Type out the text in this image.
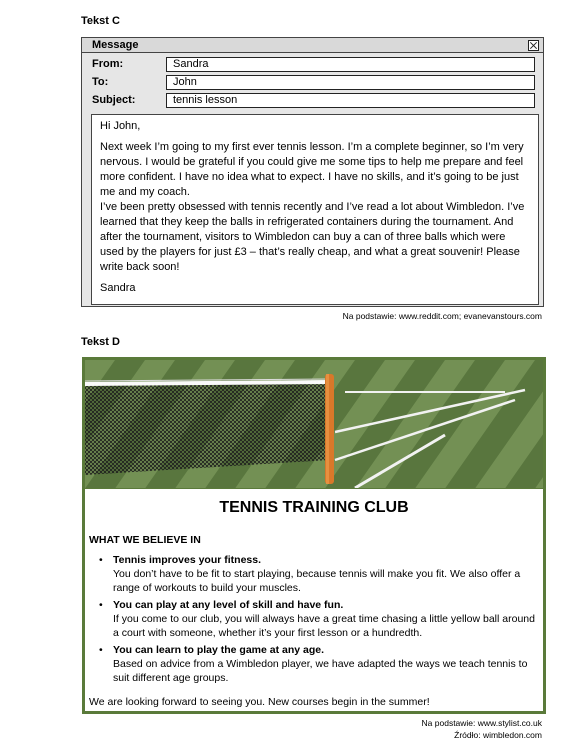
Tekst C
Message
From:	Sandra
To:	John
Subject:	tennis lesson

Hi John,

Next week I’m going to my first ever tennis lesson. I’m a complete beginner, so I’m very nervous. I would be grateful if you could give me some tips to help me prepare and feel more confident. I have no idea what to expect. I have no skills, and it’s going to be just me and my coach.

I’ve been pretty obsessed with tennis recently and I’ve read a lot about Wimbledon. I’ve learned that they keep the balls in refrigerated containers during the tournament. And after the tournament, visitors to Wimbledon can buy a can of three balls which were used by the players for just £3 – that’s really cheap, and what a great souvenir! Please write back soon!

Sandra

Na podstawie: www.reddit.com; evanevanstours.com
Tekst D
TENNIS TRAINING CLUB
WHAT WE BELIEVE IN
• Tennis improves your fitness.
You don’t have to be fit to start playing, because tennis will make you fit. We also offer a range of workouts to build your muscles.
• You can play at any level of skill and have fun.
If you come to our club, you will always have a great time chasing a little yellow ball around a court with someone, whether it’s your first lesson or a hundredth.
• You can learn to play the game at any age.
Based on advice from a Wimbledon player, we have adapted the ways we teach tennis to suit different age groups.
We are looking forward to seeing you. New courses begin in the summer!
Na podstawie: www.stylist.co.uk
Źródło: wimbledon.com
